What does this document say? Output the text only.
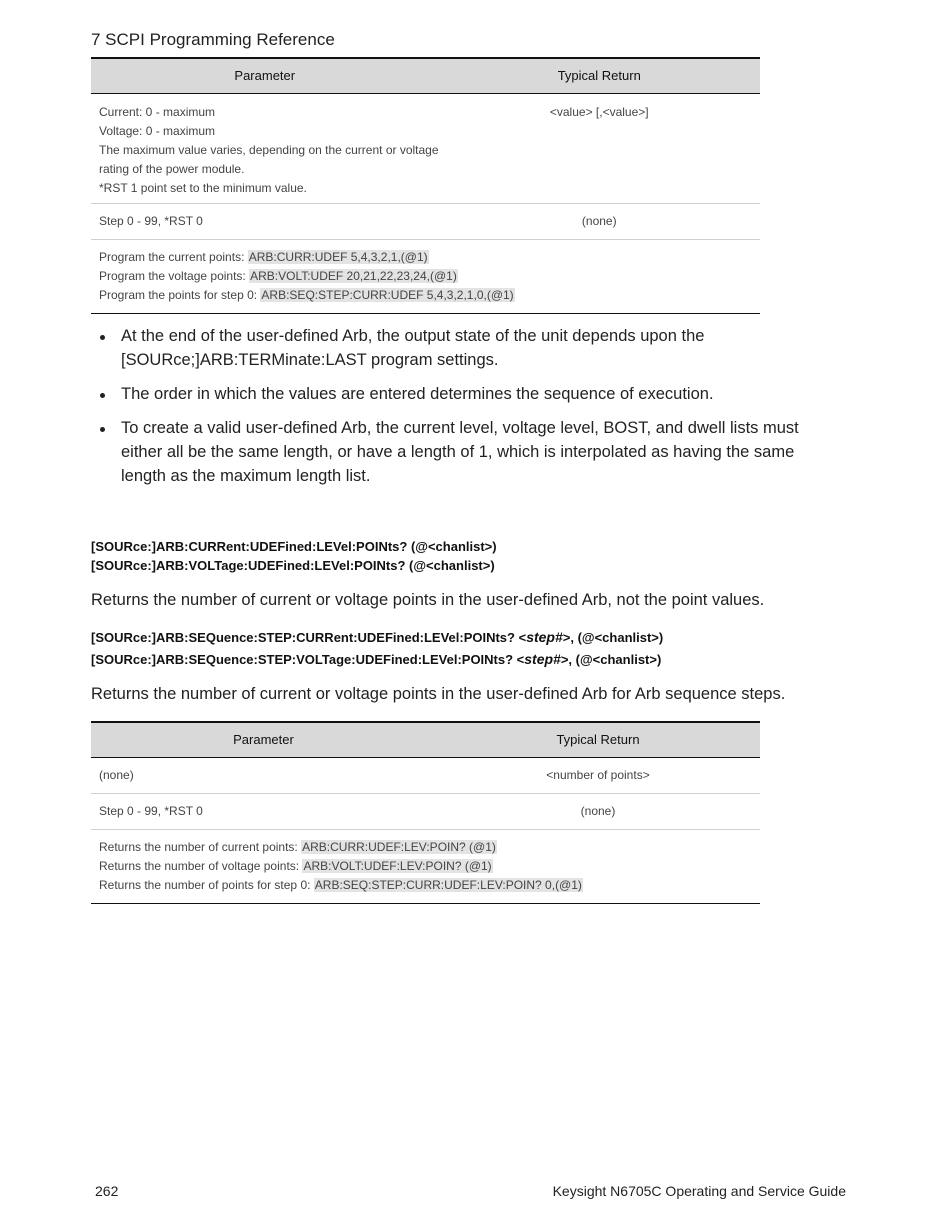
7 SCPI Programming Reference
Parameter	Typical Return

Current: 0 - maximum
Voltage: 0 - maximum
The maximum value varies, depending on the current or voltage
rating of the power module.
*RST 1 point set to the minimum value.	<value> [,<value>]
Step 0 - 99, *RST 0	(none)

Program the current points: ARB:CURR:UDEF 5,4,3,2,1,(@1)
Program the voltage points: ARB:VOLT:UDEF 20,21,22,23,24,(@1)
Program the points for step 0: ARB:SEQ:STEP:CURR:UDEF 5,4,3,2,1,0,(@1)	
At the end of the user-defined Arb, the output state of the unit depends upon the
[SOURce;]ARB:TERMinate:LAST program settings.
The order in which the values are entered determines the sequence of execution.
To create a valid user-defined Arb, the current level, voltage level, BOST, and dwell lists must
either all be the same length, or have a length of 1, which is interpolated as having the same
length as the maximum length list.
[SOURce:]ARB:CURRent:UDEFined:LEVel:POINts? (@<chanlist>)
[SOURce:]ARB:VOLTage:UDEFined:LEVel:POINts? (@<chanlist>)
Returns the number of current or voltage points in the user-defined Arb, not the point values.
[SOURce:]ARB:SEQuence:STEP:CURRent:UDEFined:LEVel:POINts? <step#>, (@<chanlist>)
[SOURce:]ARB:SEQuence:STEP:VOLTage:UDEFined:LEVel:POINts? <step#>, (@<chanlist>)
Returns the number of current or voltage points in the user-defined Arb for Arb sequence steps.
Parameter	Typical Return
(none)	<number of points>
Step 0 - 99, *RST 0	(none)

Returns the number of current points: ARB:CURR:UDEF:LEV:POIN? (@1)
Returns the number of voltage points: ARB:VOLT:UDEF:LEV:POIN? (@1)
Returns the number of points for step 0: ARB:SEQ:STEP:CURR:UDEF:LEV:POIN? 0,(@1)	
262	Keysight N6705C Operating and Service Guide
